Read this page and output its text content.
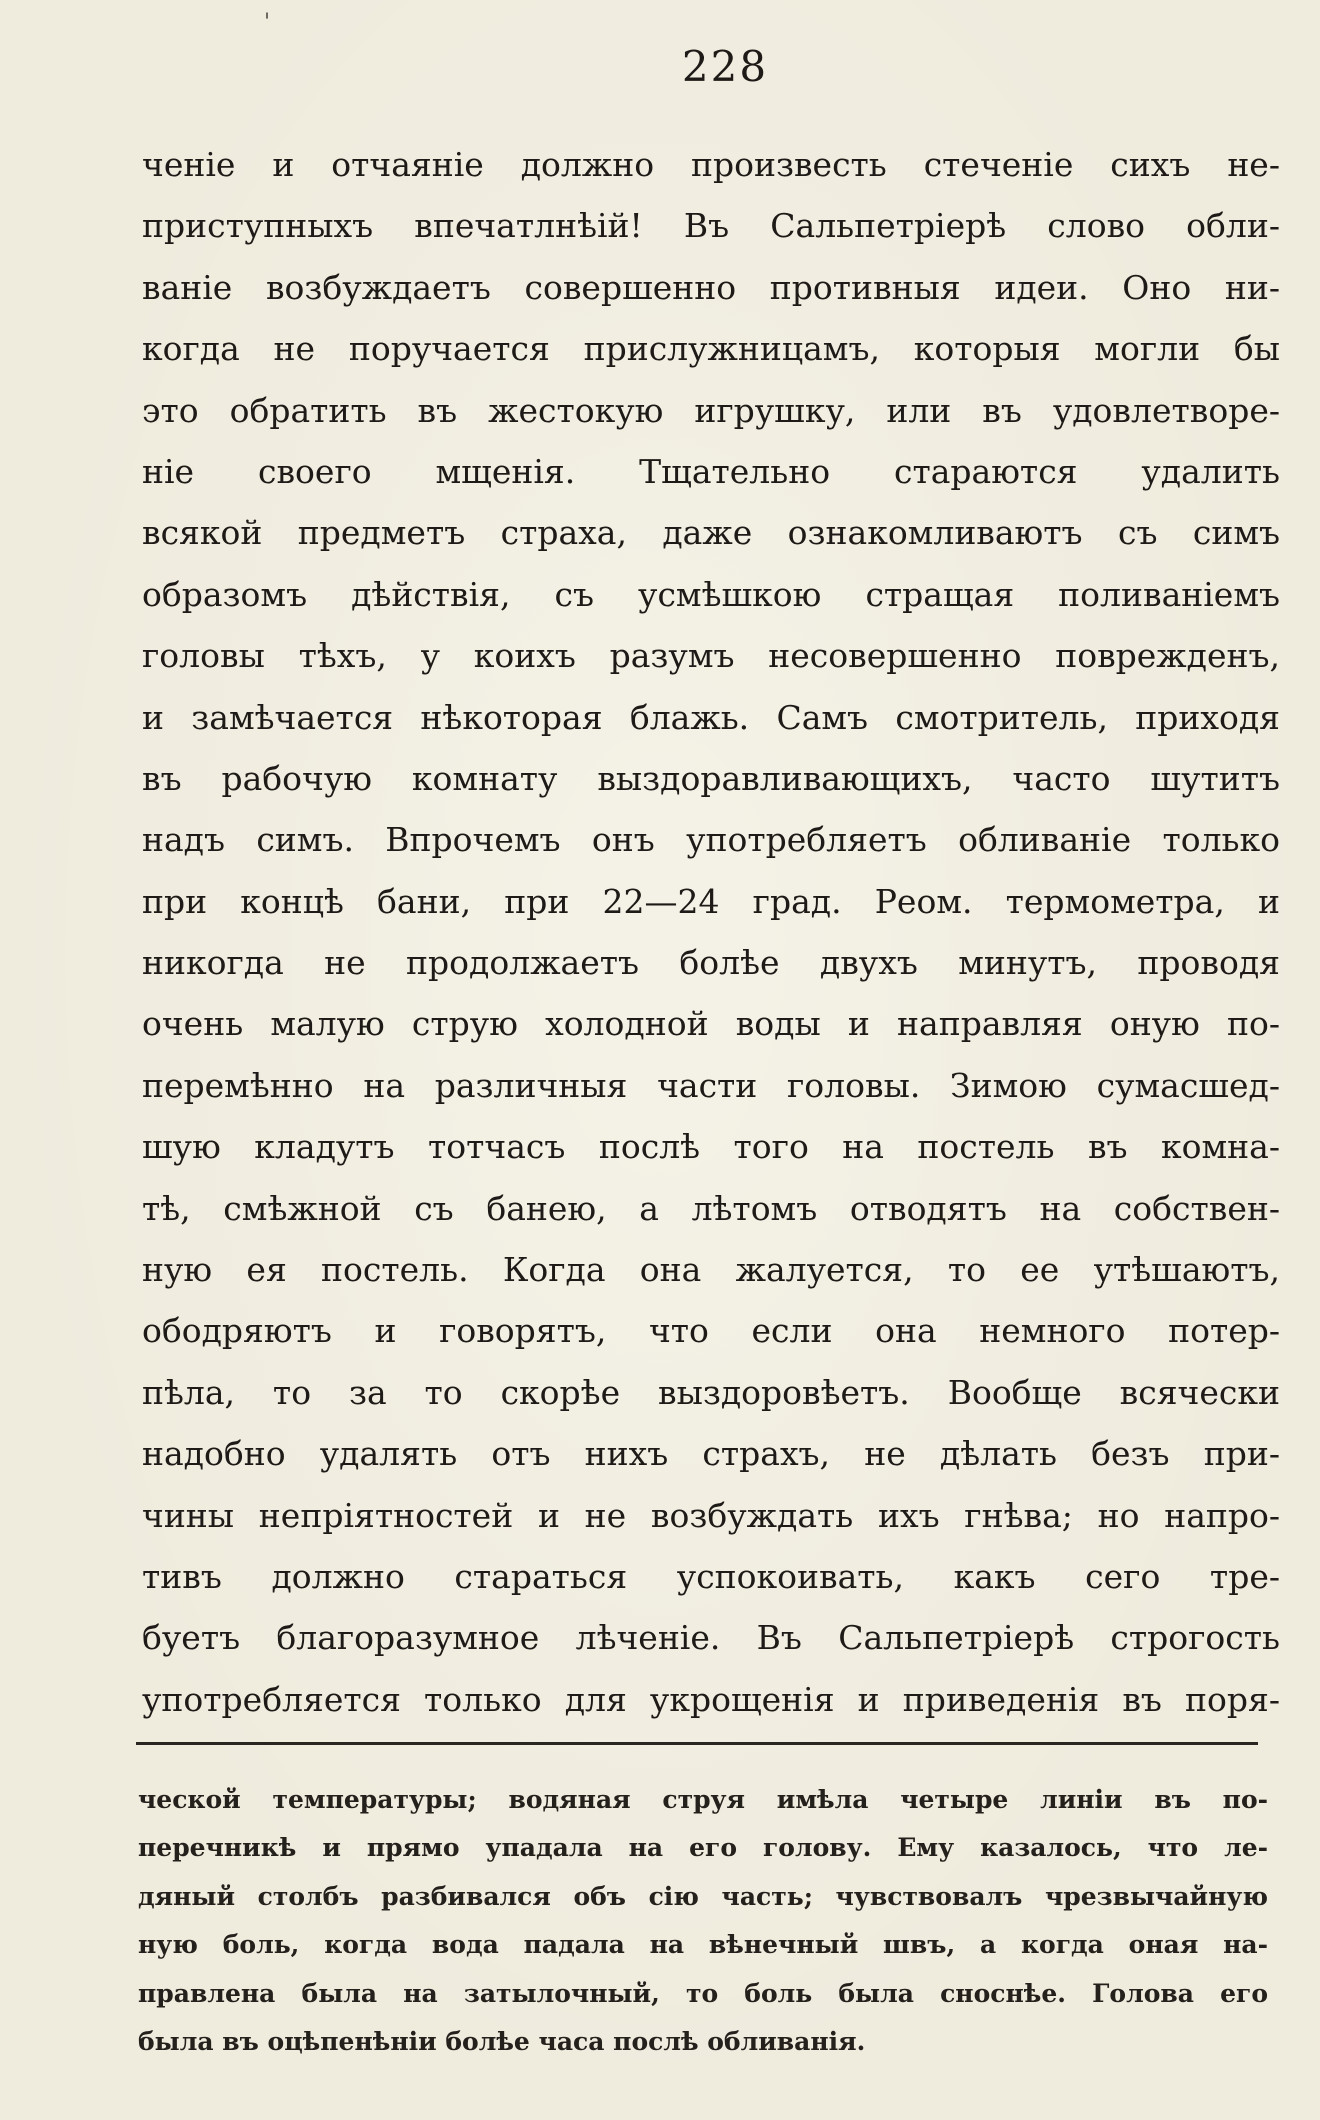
'
228
ченіе и отчаяніе должно произвесть стеченіе сихъ не-
приступныхъ впечатлнѣій! Въ Сальпетріерѣ слово обли-
ваніе возбуждаетъ совершенно противныя идеи. Оно ни-
когда не поручается прислужницамъ, которыя могли бы
это обратить въ жестокую игрушку, или въ удовлетворе-
ніе своего мщенія. Тщательно стараются удалить
всякой предметъ страха, даже ознакомливаютъ съ симъ
образомъ дѣйствія, съ усмѣшкою стращая поливаніемъ
головы тѣхъ, у коихъ разумъ несовершенно поврежденъ,
и замѣчается нѣкоторая блажь. Самъ смотритель, приходя
въ рабочую комнату выздоравливающихъ, часто шутитъ
надъ симъ. Впрочемъ онъ употребляетъ обливаніе только
при концѣ бани, при 22—24 град. Реом. термометра, и
никогда не продолжаетъ болѣе двухъ минутъ, проводя
очень малую струю холодной воды и направляя оную по-
перемѣнно на различныя части головы. Зимою сумасшед-
шую кладутъ тотчасъ послѣ того на постель въ комна-
тѣ, смѣжной съ банею, а лѣтомъ отводятъ на собствен-
ную ея постель. Когда она жалуется, то ее утѣшаютъ,
ободряютъ и говорятъ, что если она немного потер-
пѣла, то за то скорѣе выздоровѣетъ. Вообще всячески
надобно удалять отъ нихъ страхъ, не дѣлать безъ при-
чины непріятностей и не возбуждать ихъ гнѣва; но напро-
тивъ должно стараться успокоивать, какъ сего тре-
буетъ благоразумное лѣченіе. Въ Сальпетріерѣ строгость
употребляется только для укрощенія и приведенія въ поря-
ческой температуры; водяная струя имѣла четыре линіи въ по-
перечникѣ и прямо упадала на его голову. Ему казалось, что ле-
дяный столбъ разбивался объ сію часть; чувствовалъ чрезвычайную
ную боль, когда вода падала на вѣнечный швъ, а когда оная на-
правлена была на затылочный, то боль была сноснѣе. Голова его
была въ оцѣпенѣніи болѣе часа послѣ обливанія.
